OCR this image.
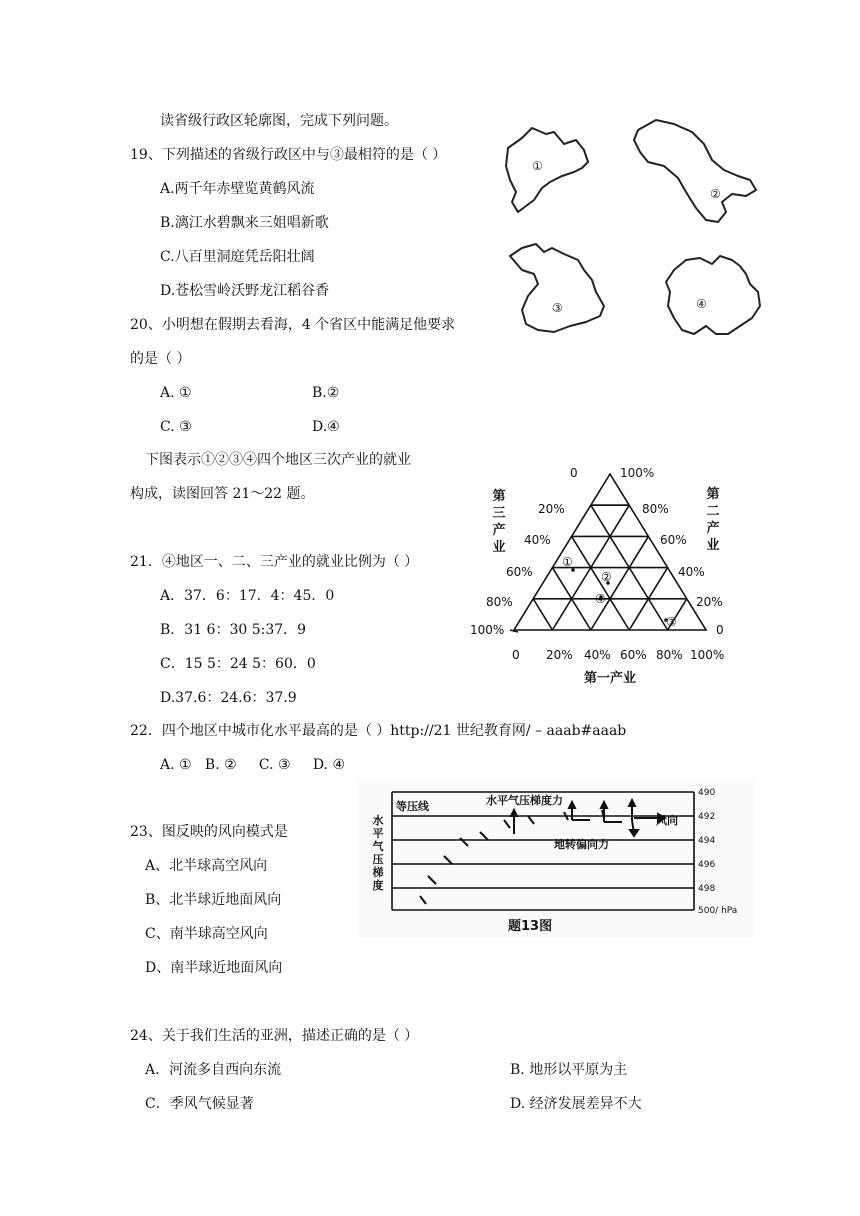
读省级行政区轮廓图，完成下列问题。
19、下列描述的省级行政区中与③最相符的是（ ）
A.两千年赤壁览黄鹤风流
B.漓江水碧飘来三姐唱新歌
C.八百里洞庭凭岳阳壮阔
D.苍松雪岭沃野龙江稻谷香
20、小明想在假期去看海，4 个省区中能满足他要求
的是（ ）
A. ①	B.②
C. ③	D.④
下图表示①②③④四个地区三次产业的就业
构成，读图回答 21～22 题。
21．④地区一、二、三产业的就业比例为（ ）
A．37．6：17．4：45．0
B．31 6：30 5:37．9
C．15 5：24 5：60．0
D.37.6：24.6：37.9
22．四个地区中城市化水平最高的是（ ）http://21 世纪教育网/ – aaab#aaab
A. ①   B. ②     C. ③     D. ④
23、图反映的风向模式是
A、北半球高空风向
B、北半球近地面风向
C、南半球高空风向
D、南半球近地面风向
24、关于我们生活的亚洲，描述正确的是（ ）
A．河流多自西向东流	B. 地形以平原为主
C．季风气候显著	D. 经济发展差异不大
①
②
③	④
第
三
产
业
第
二
产
业
第一产业
0
20%
40%
60%
80%
100%
100%
80%
60%
40%
20%
0
0 20% 40% 60% 80% 100%
①
②
④
③
等压线	水平气压梯度力
地转偏向力
风向
题13图
水
平
气
压
梯
度
490
492
494
496
498
500/ hPa
